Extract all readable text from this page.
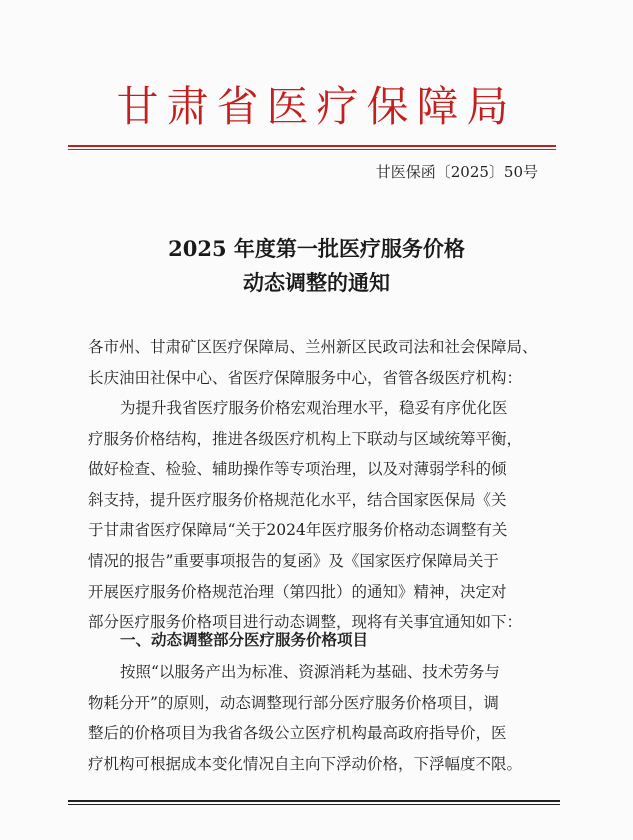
甘肃省医疗保障局
甘医保函〔2025〕50号
2025 年度第一批医疗服务价格
动态调整的通知

各市州、甘肃矿区医疗保障局、兰州新区民政司法和社会保障局、

长庆油田社保中心、省医疗保障服务中心，省管各级医疗机构：

为提升我省医疗服务价格宏观治理水平，稳妥有序优化医

疗服务价格结构，推进各级医疗机构上下联动与区域统筹平衡，

做好检查、检验、辅助操作等专项治理，以及对薄弱学科的倾

斜支持，提升医疗服务价格规范化水平，结合国家医保局《关

于甘肃省医疗保障局“关于2024年医疗服务价格动态调整有关

情况的报告”重要事项报告的复函》及《国家医疗保障局关于

开展医疗服务价格规范治理（第四批）的通知》精神，决定对

部分医疗服务价格项目进行动态调整，现将有关事宜通知如下：

一、动态调整部分医疗服务价格项目

按照“以服务产出为标准、资源消耗为基础、技术劳务与

物耗分开”的原则，动态调整现行部分医疗服务价格项目，调

整后的价格项目为我省各级公立医疗机构最高政府指导价，医

疗机构可根据成本变化情况自主向下浮动价格，下浮幅度不限。
